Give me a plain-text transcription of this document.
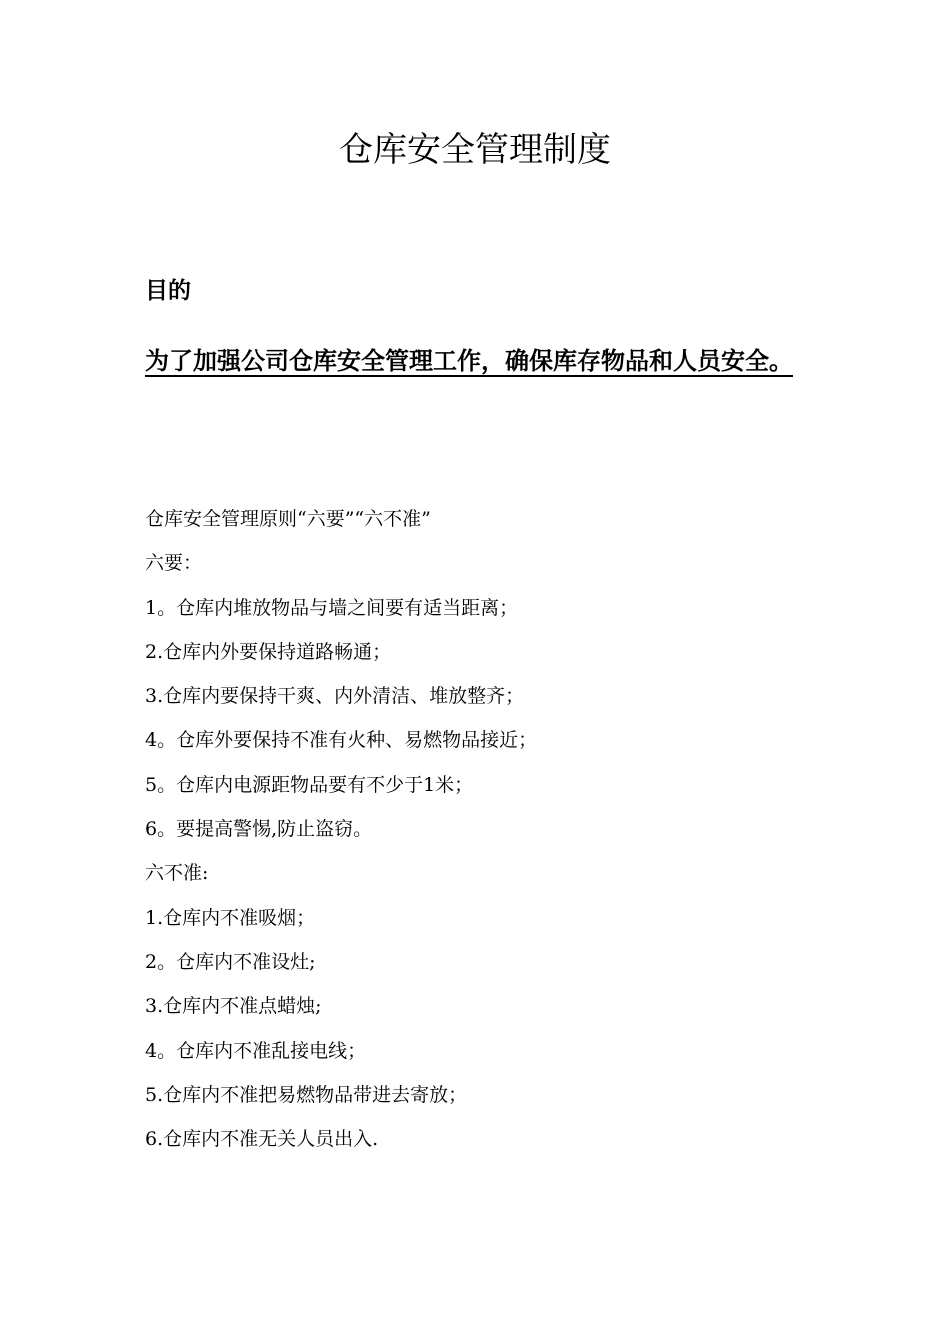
仓库安全管理制度
目的
为了加强公司仓库安全管理工作，确保库存物品和人员安全。
仓库安全管理原则“六要”“六不准”
六要：
1。仓库内堆放物品与墙之间要有适当距离；
2.仓库内外要保持道路畅通；
3.仓库内要保持干爽、内外清洁、堆放整齐；
4。仓库外要保持不准有火种、易燃物品接近；
5。仓库内电源距物品要有不少于1米；
6。要提高警惕,防止盗窃。
六不准:
1.仓库内不准吸烟；
2。仓库内不准设灶;
3.仓库内不准点蜡烛;
4。仓库内不准乱接电线；
5.仓库内不准把易燃物品带进去寄放；
6.仓库内不准无关人员出入.
